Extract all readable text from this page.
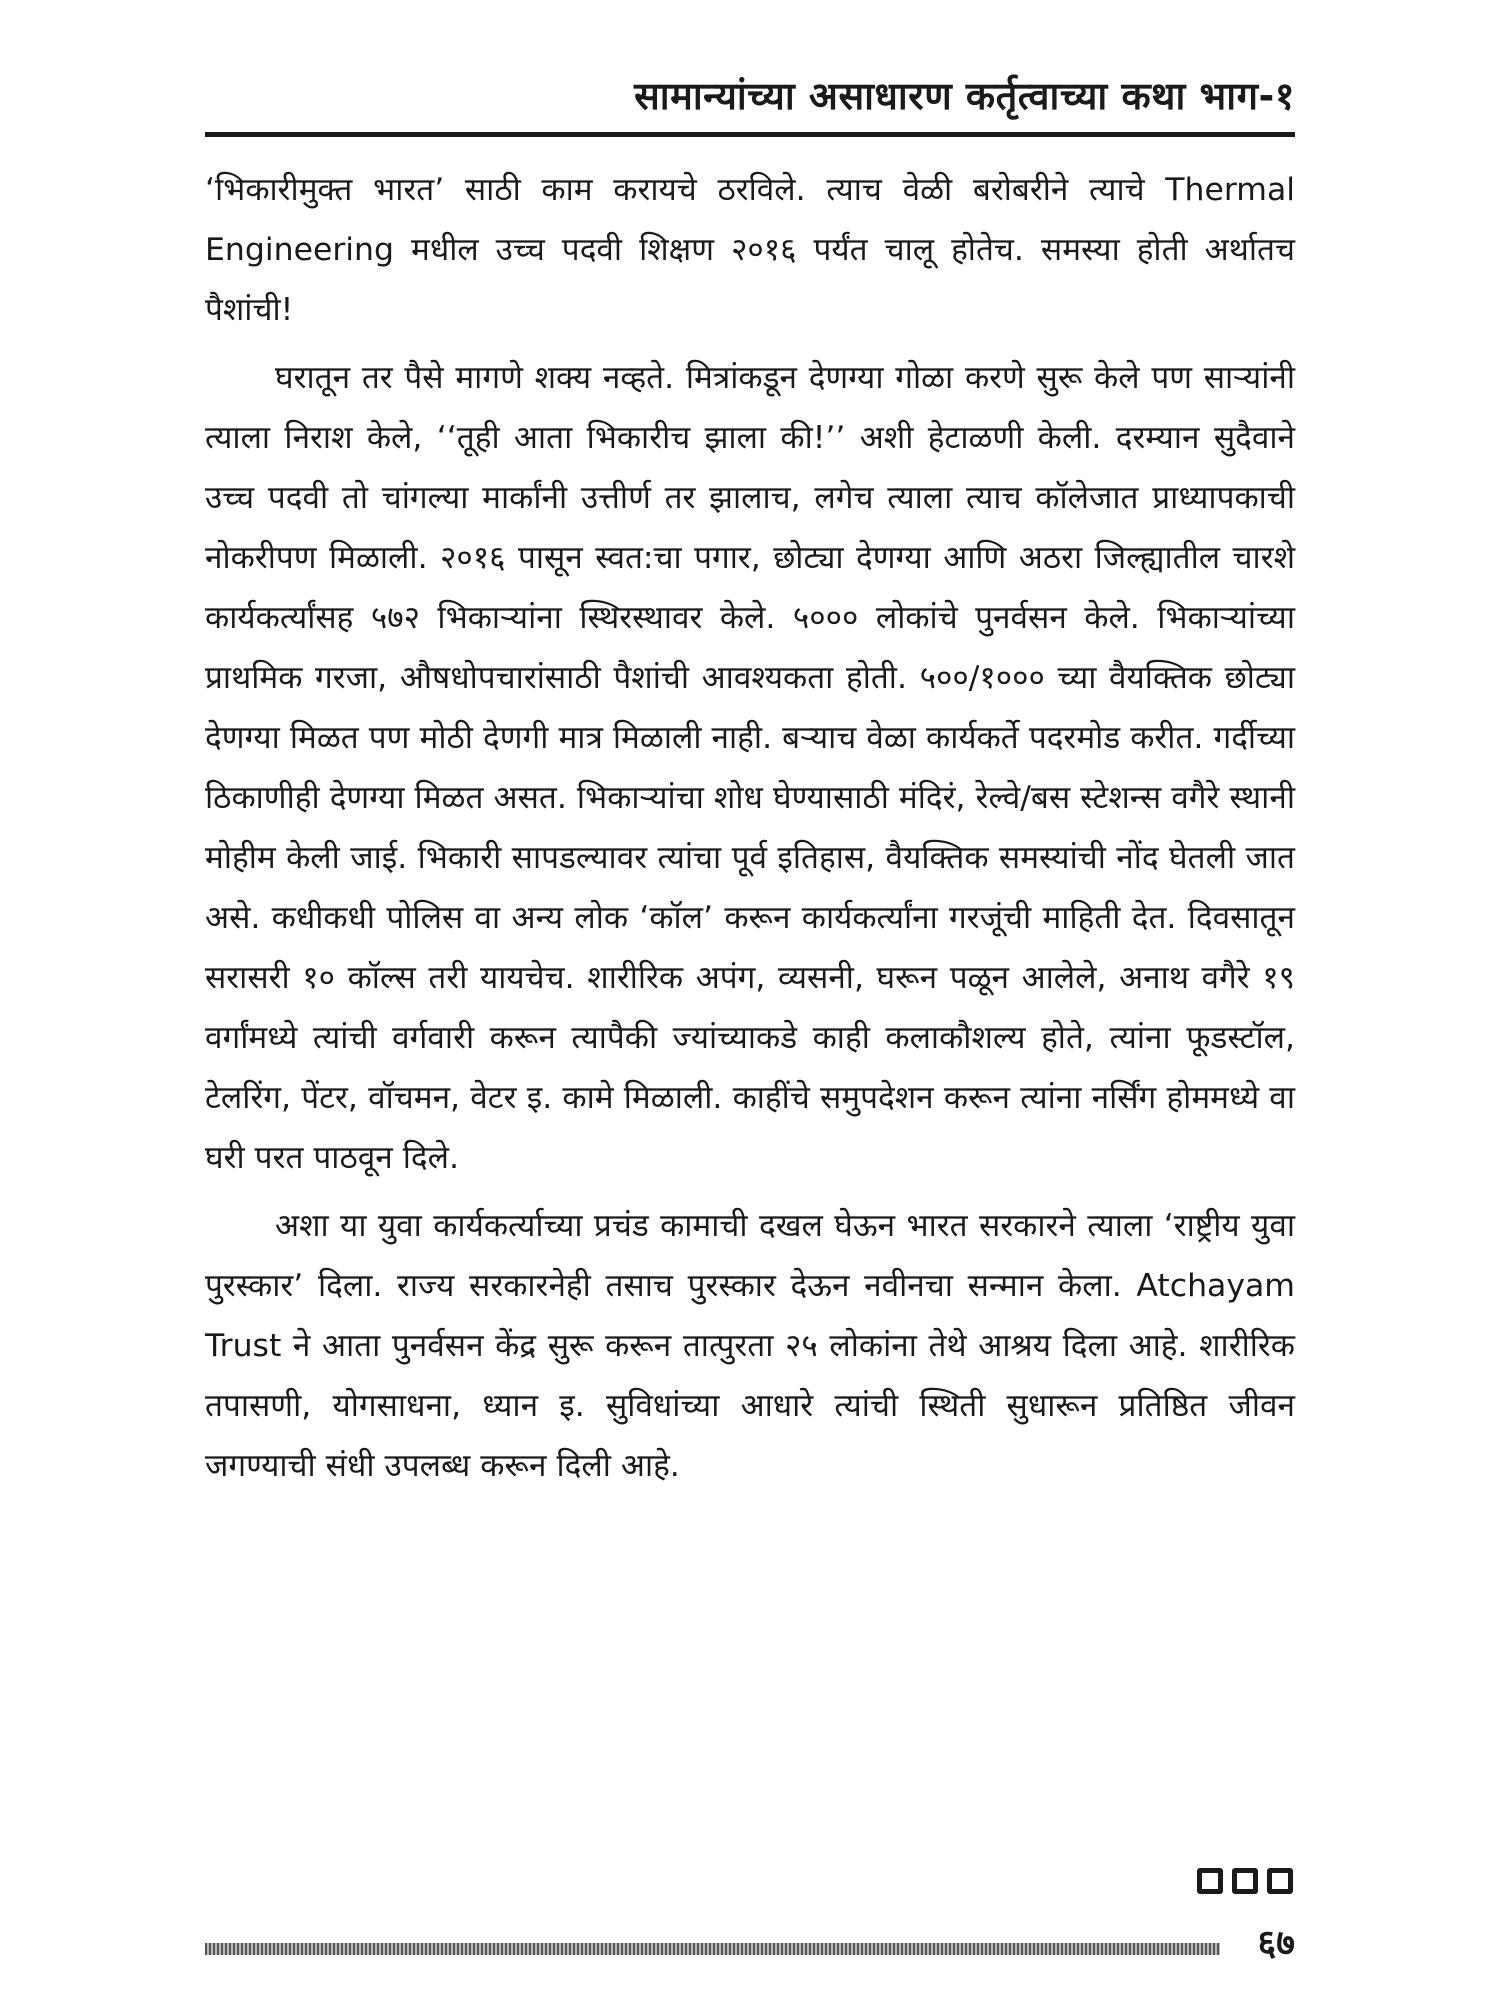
सामान्यांच्या असाधारण कर्तृत्वाच्या कथा भाग-१

‘भिकारीमुक्त भारत’ साठी काम करायचे ठरविले. त्याच वेळी बरोबरीने त्याचे Thermal Engineering मधील उच्च पदवी शिक्षण २०१६ पर्यंत चालू होतेच. समस्या होती अर्थातच पैशांची!

घरातून तर पैसे मागणे शक्य नव्हते. मित्रांकडून देणग्या गोळा करणे सुरू केले पण साऱ्यांनी त्याला निराश केले, ‘‘तूही आता भिकारीच झाला की!’’ अशी हेटाळणी केली. दरम्यान सुदैवाने उच्च पदवी तो चांगल्या मार्कांनी उत्तीर्ण तर झालाच, लगेच त्याला त्याच कॉलेजात प्राध्यापकाची नोकरीपण मिळाली. २०१६ पासून स्वत:चा पगार, छोट्या देणग्या आणि अठरा जिल्ह्यातील चारशे कार्यकर्त्यांसह ५७२ भिकाऱ्यांना स्थिरस्थावर केले. ५००० लोकांचे पुनर्वसन केले. भिकाऱ्यांच्या प्राथमिक गरजा, औषधोपचारांसाठी पैशांची आवश्यकता होती. ५००/१००० च्या वैयक्तिक छोट्या देणग्या मिळत पण मोठी देणगी मात्र मिळाली नाही. बऱ्याच वेळा कार्यकर्ते पदरमोड करीत. गर्दीच्या ठिकाणीही देणग्या मिळत असत. भिकाऱ्यांचा शोध घेण्यासाठी मंदिरं, रेल्वे/बस स्टेशन्स वगैरे स्थानी मोहीम केली जाई. भिकारी सापडल्यावर त्यांचा पूर्व इतिहास, वैयक्तिक समस्यांची नोंद घेतली जात असे. कधीकधी पोलिस वा अन्य लोक ‘कॉल’ करून कार्यकर्त्यांना गरजूंची माहिती देत. दिवसातून सरासरी १० कॉल्स तरी यायचेच. शारीरिक अपंग, व्यसनी, घरून पळून आलेले, अनाथ वगैरे १९ वर्गांमध्ये त्यांची वर्गवारी करून त्यापैकी ज्यांच्याकडे काही कलाकौशल्य होते, त्यांना फूडस्टॉल, टेलरिंग, पेंटर, वॉचमन, वेटर इ. कामे मिळाली. काहींचे समुपदेशन करून त्यांना नर्सिंग होममध्ये वा घरी परत पाठवून दिले.

अशा या युवा कार्यकर्त्याच्या प्रचंड कामाची दखल घेऊन भारत सरकारने त्याला ‘राष्ट्रीय युवा पुरस्कार’ दिला. राज्य सरकारनेही तसाच पुरस्कार देऊन नवीनचा सन्मान केला. Atchayam Trust ने आता पुनर्वसन केंद्र सुरू करून तात्पुरता २५ लोकांना तेथे आश्रय दिला आहे. शारीरिक तपासणी, योगसाधना, ध्यान इ. सुविधांच्या आधारे त्यांची स्थिती सुधारून प्रतिष्ठित जीवन जगण्याची संधी उपलब्ध करून दिली आहे.

६७
